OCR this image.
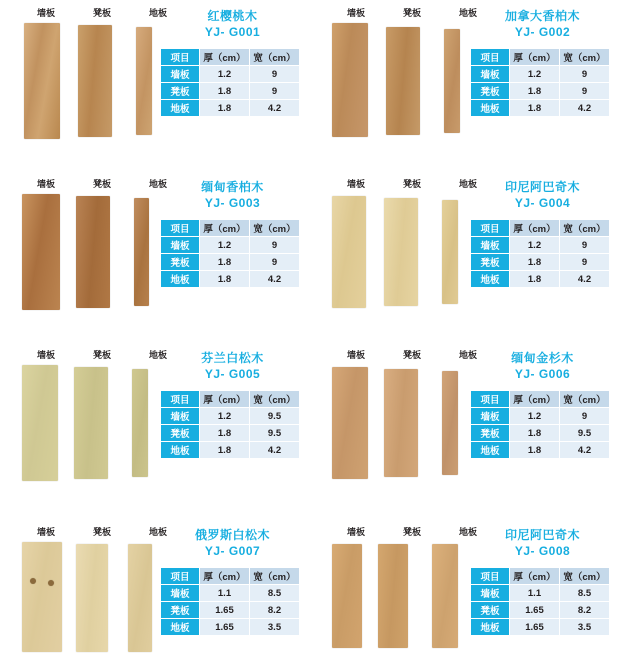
墙板	凳板	地板	红樱桃木
YJ- G001
项目	厚（cm）	宽（cm）
墙板	1.2	9
凳板	1.8	9
地板	1.8	4.2
墙板	凳板	地板	加拿大香柏木
YJ- G002
项目	厚（cm）	宽（cm）
墙板	1.2	9
凳板	1.8	9
地板	1.8	4.2
墙板	凳板	地板	缅甸香柏木
YJ- G003
项目	厚（cm）	宽（cm）
墙板	1.2	9
凳板	1.8	9
地板	1.8	4.2
墙板	凳板	地板	印尼阿巴奇木
YJ- G004
项目	厚（cm）	宽（cm）
墙板	1.2	9
凳板	1.8	9
地板	1.8	4.2
墙板	凳板	地板	芬兰白松木
YJ- G005
项目	厚（cm）	宽（cm）
墙板	1.2	9.5
凳板	1.8	9.5
地板	1.8	4.2
墙板	凳板	地板	缅甸金杉木
YJ- G006
项目	厚（cm）	宽（cm）
墙板	1.2	9
凳板	1.8	9.5
地板	1.8	4.2
墙板	凳板	地板	俄罗斯白松木
YJ- G007
项目	厚（cm）	宽（cm）
墙板	1.1	8.5
凳板	1.65	8.2
地板	1.65	3.5
墙板	凳板	地板	印尼阿巴奇木
YJ- G008
项目	厚（cm）	宽（cm）
墙板	1.1	8.5
凳板	1.65	8.2
地板	1.65	3.5
